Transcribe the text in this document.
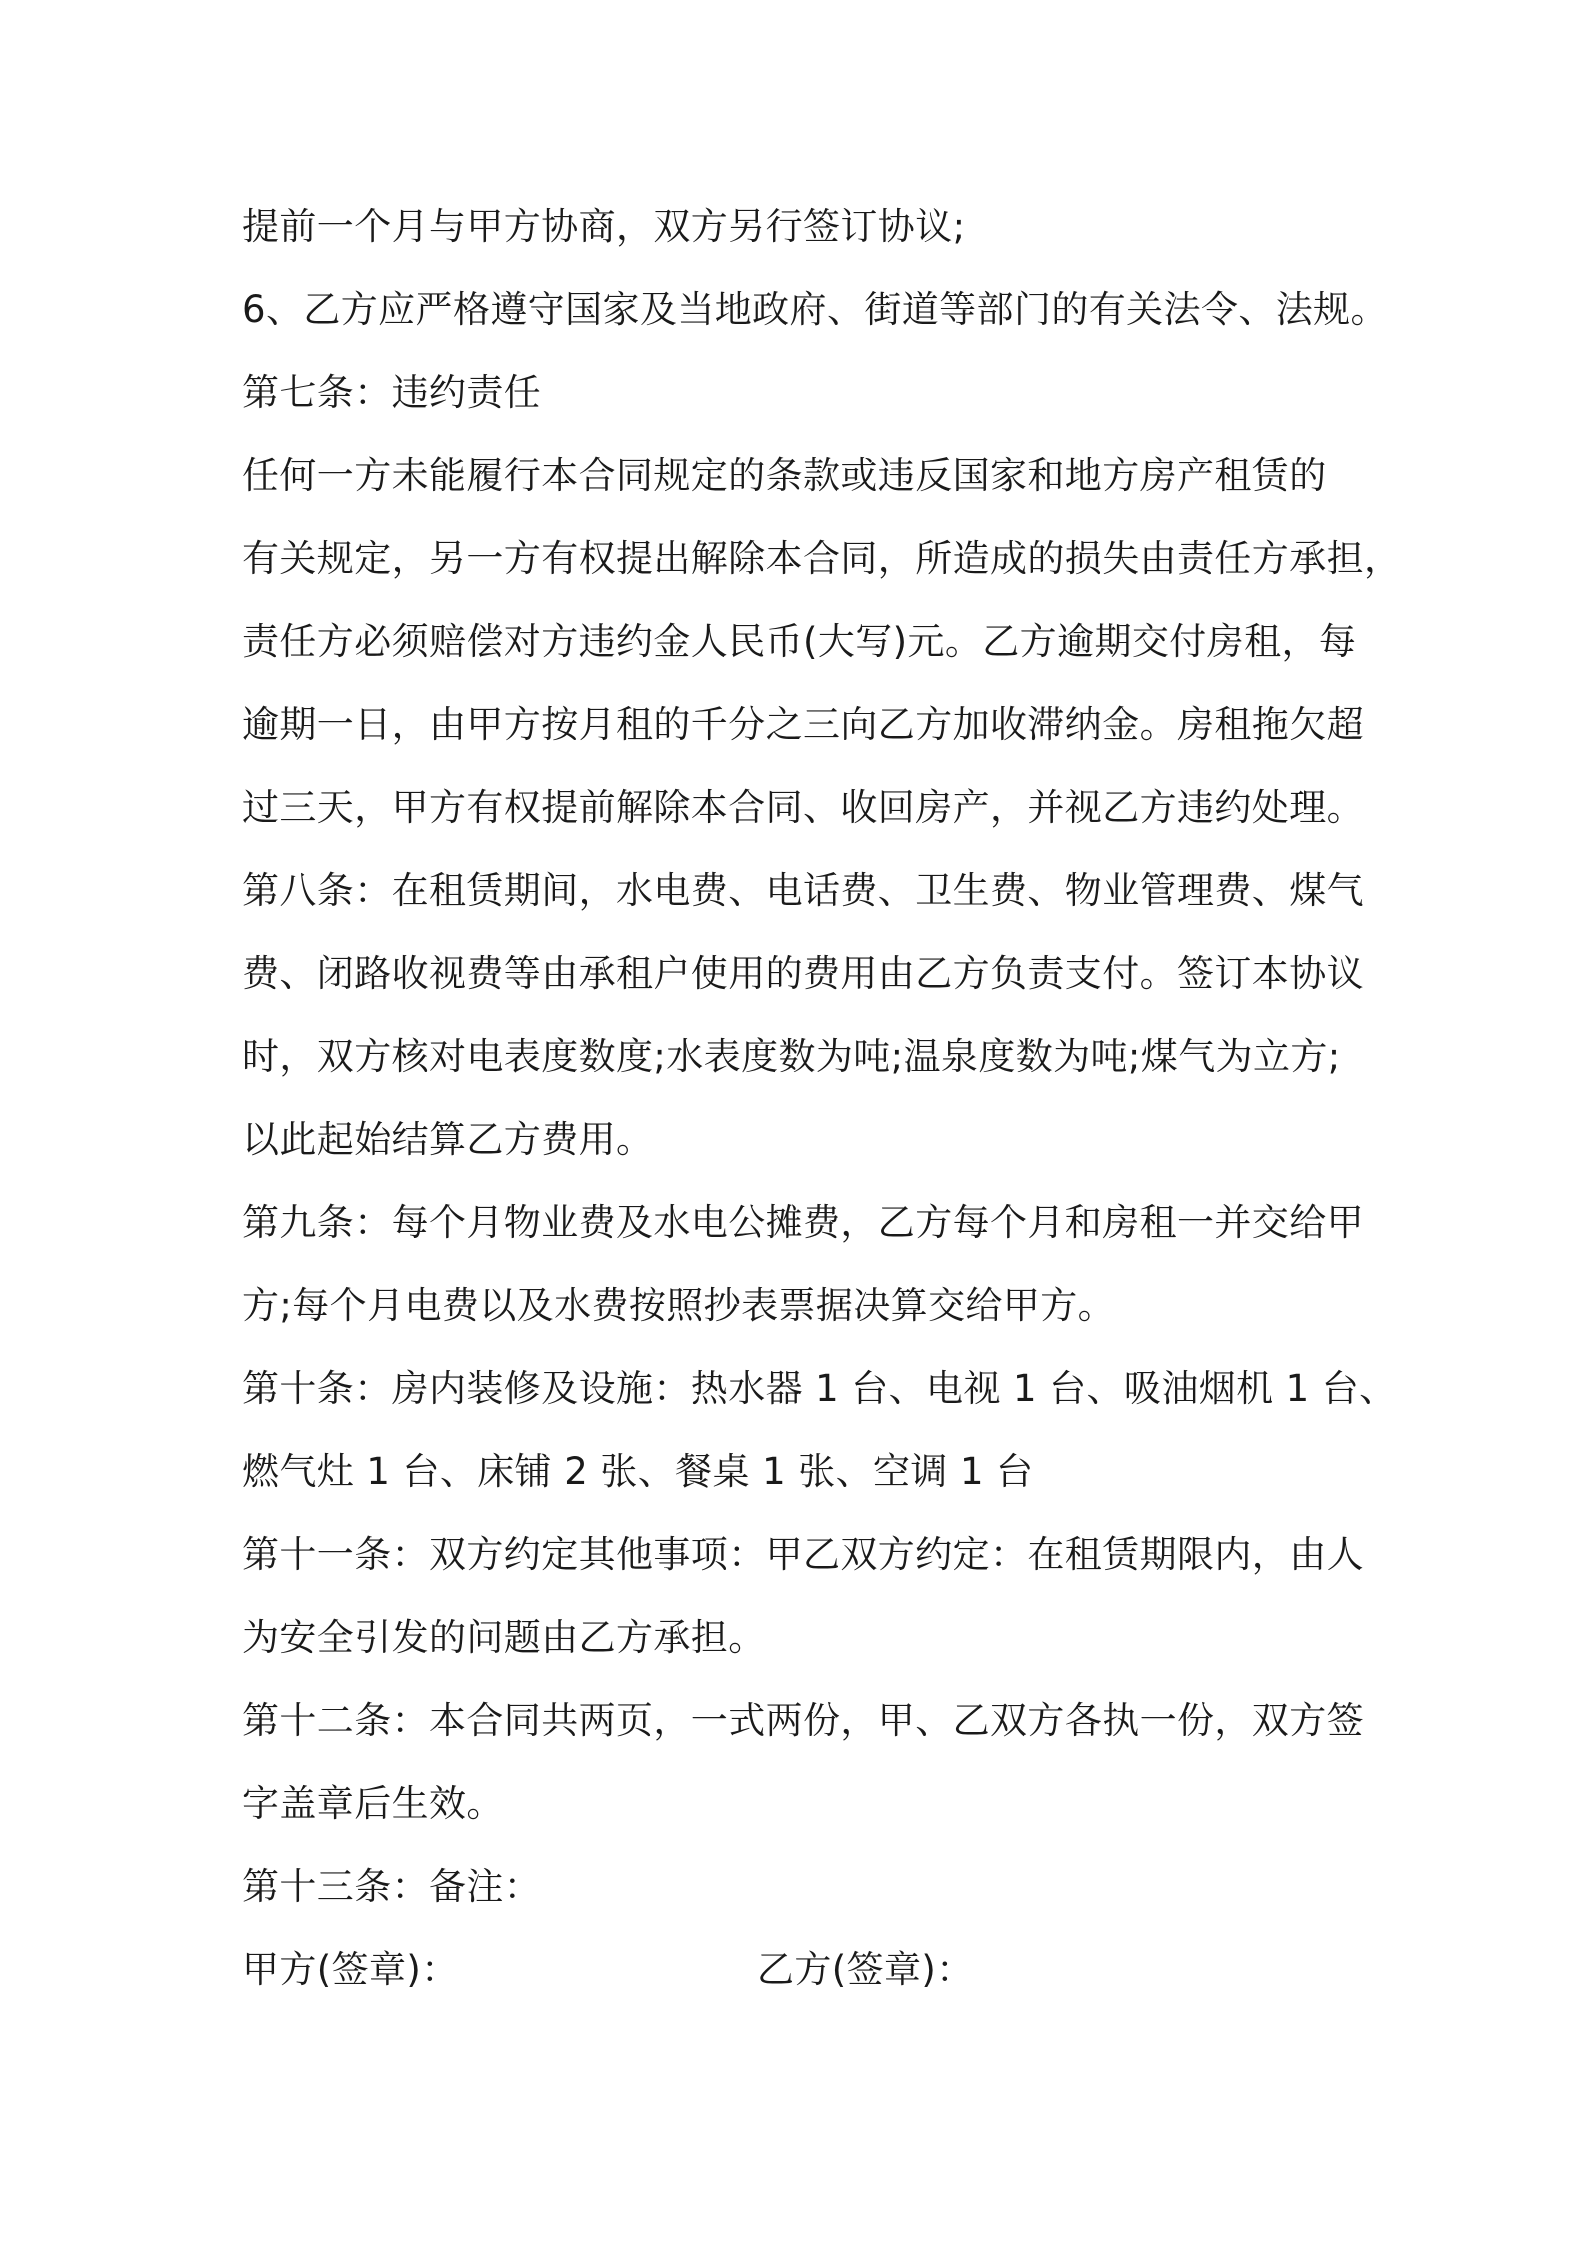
提前一个月与甲方协商，双方另行签订协议;
6、乙方应严格遵守国家及当地政府、街道等部门的有关法令、法规。
第七条：违约责任
任何一方未能履行本合同规定的条款或违反国家和地方房产租赁的
有关规定，另一方有权提出解除本合同，所造成的损失由责任方承担，
责任方必须赔偿对方违约金人民币(大写)元。乙方逾期交付房租，每
逾期一日，由甲方按月租的千分之三向乙方加收滞纳金。房租拖欠超
过三天，甲方有权提前解除本合同、收回房产，并视乙方违约处理。
第八条：在租赁期间，水电费、电话费、卫生费、物业管理费、煤气
费、闭路收视费等由承租户使用的费用由乙方负责支付。签订本协议
时，双方核对电表度数度;水表度数为吨;温泉度数为吨;煤气为立方;
以此起始结算乙方费用。
第九条：每个月物业费及水电公摊费，乙方每个月和房租一并交给甲
方;每个月电费以及水费按照抄表票据决算交给甲方。
第十条：房内装修及设施：热水器 1 台、电视 1 台、吸油烟机 1 台、
燃气灶 1 台、床铺 2 张、餐桌 1 张、空调 1 台
第十一条：双方约定其他事项：甲乙双方约定：在租赁期限内，由人
为安全引发的问题由乙方承担。
第十二条：本合同共两页，一式两份，甲、乙双方各执一份，双方签
字盖章后生效。
第十三条：备注：
甲方(签章)：	乙方(签章)：
